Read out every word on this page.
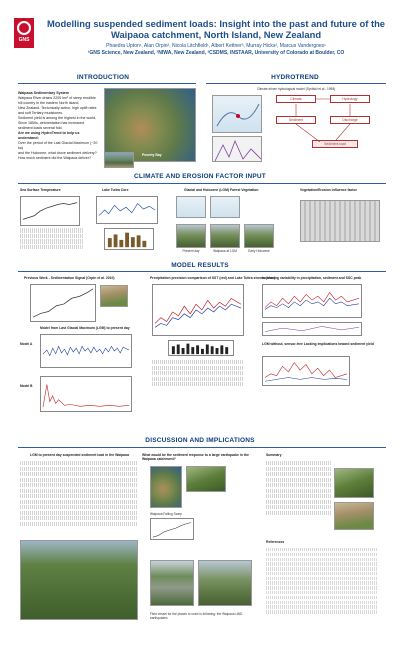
GNS
Modelling suspended sediment loads: Insight into the past and future of the Waipaoa catchment, North Island, New Zealand
Phaedra Upton¹, Alan Orpin², Nicola Litchfield¹, Albert Kettner³, Murray Hicks², Marcus Vandergoes¹
¹GNS Science, New Zealand, ²NIWA, New Zealand, ³CSDMS, INSTAAR, University of Colorado at Boulder, CO
INTRODUCTION
Waipaoa Sedimentary System
Waipaoa River drains 2205 km² of steep erodible hill country in the eastern North Island,
New Zealand. Tectonically active, high uplift rates and soft Tertiary mudstones.
Sediment yield is among the highest in the world.
Since 1850s, deforestation has increased sediment loads several fold.
Are we using HydroTrend to help us understand:
Over the period of the Last Glacial Maximum (~20 ka)
and the Holocene, what drove sediment delivery?
How much sediment did the Waipaoa deliver?
Poverty Bay
HYDROTREND
Climate driven hydrological model (Syvitski et al., 1998)
Climate	Hydrology
Sediment	Discharge
Sediment load
CLIMATE AND EROSION FACTOR INPUT
Sea Surface Temperature	Lake Tutira Core	Glacial and Holocene (LGM) Forest Vegetation
Present day	Waipaoa at LGM	Early Holocene
Vegetation/Erosion influence factor
MODEL RESULTS
Previous Work - Sedimentation Signal (Orpin et al. 2010)
Model from Last Glacial Maximum (LGM) to present day
Model A
Model B
Precipitation precision comparison of SST (red) and Lake Tutira storms (blue)
Increasing variability in precipitation, sediment and SSC peak
LGM without, sensor-free Lacking implications toward sediment yield
DISCUSSION AND IMPLICATIONS
LGM to present day suspended sediment load in the Waipaoa	What would be the sediment response to a large earthquake in the Waipaoa catchment?
Waipaoa Falling Scarp
Field vessel for the planes to used in following: the Waipaoa LWD earthquakes
Summary
References
